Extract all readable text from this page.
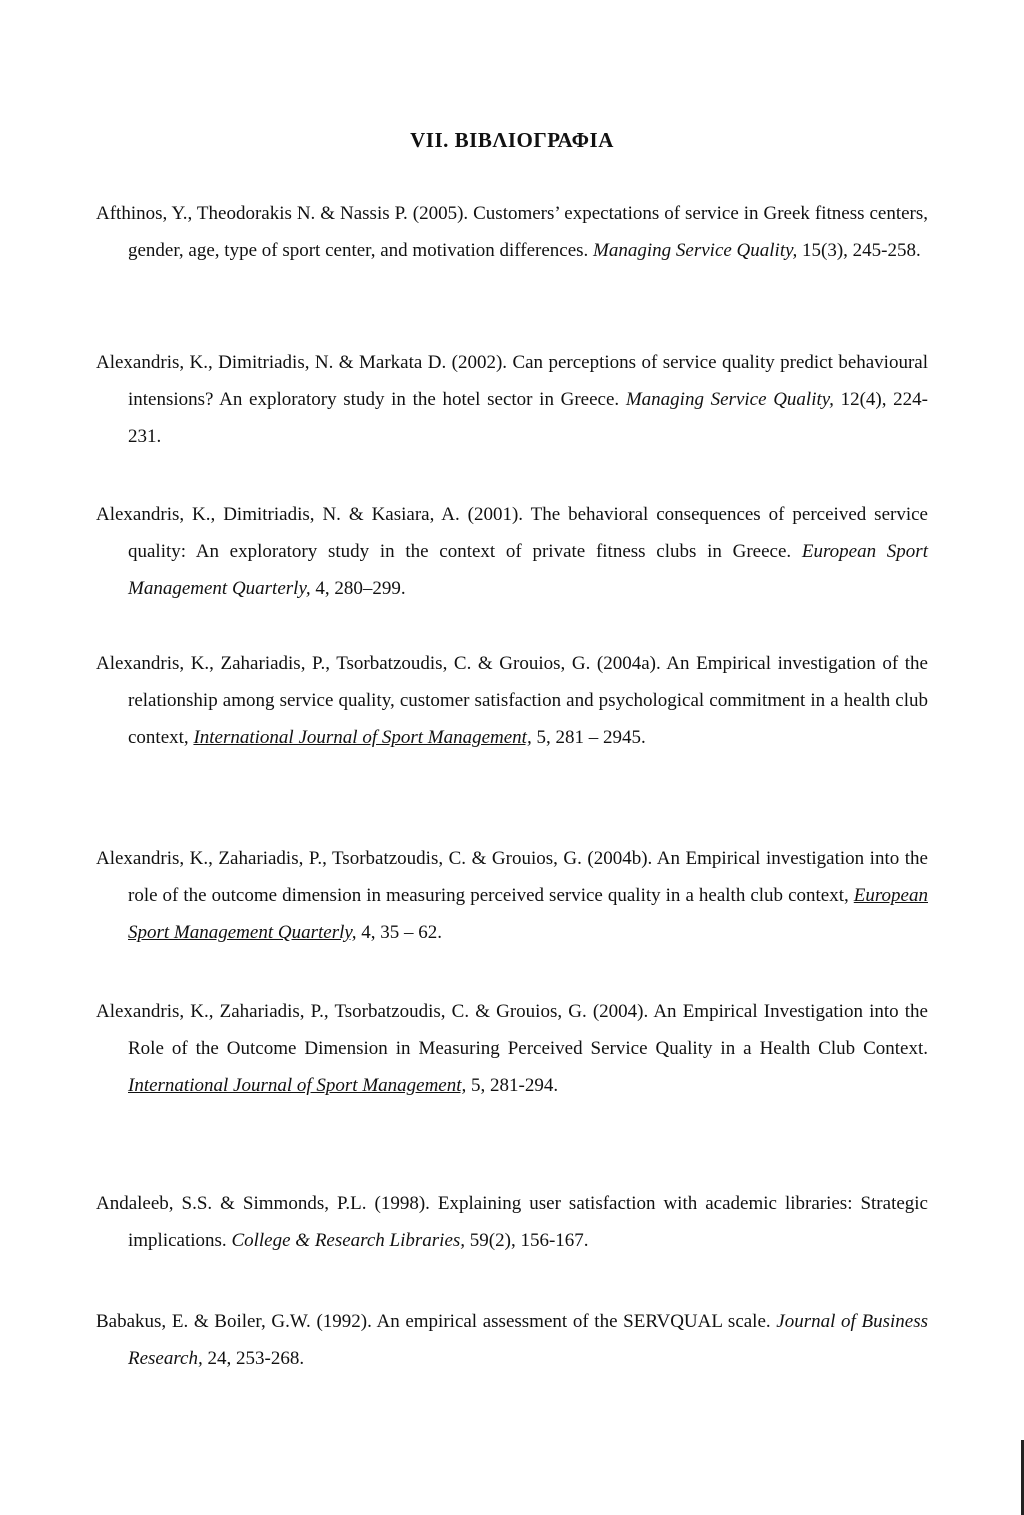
VII. ΒΙΒΛΙΟΓΡΑΦΙΑ

Afthinos, Y., Theodorakis N. & Nassis P. (2005). Customers’ expectations of service in Greek fitness centers, gender, age, type of sport center, and motivation differences. Managing Service Quality, 15(3), 245-258.

Alexandris, K., Dimitriadis, N. & Markata D. (2002). Can perceptions of service quality predict behavioural intensions? An exploratory study in the hotel sector in Greece. Managing Service Quality, 12(4), 224-231.

Alexandris, K., Dimitriadis, N. & Kasiara, A. (2001). The behavioral consequences of perceived service quality: An exploratory study in the context of private fitness clubs in Greece. European Sport Management Quarterly, 4, 280–299.

Alexandris, K., Zahariadis, P., Tsorbatzoudis, C. & Grouios, G. (2004a). An Empirical investigation of the relationship among service quality, customer satisfaction and psychological commitment in a health club context, International Journal of Sport Management, 5, 281 – 2945.

Alexandris, K., Zahariadis, P., Tsorbatzoudis, C. & Grouios, G. (2004b). An Empirical investigation into the role of the outcome dimension in measuring perceived service quality in a health club context, European Sport Management Quarterly, 4, 35 – 62.

Alexandris, K., Zahariadis, P., Tsorbatzoudis, C. & Grouios, G. (2004). An Empirical Investigation into the Role of the Outcome Dimension in Measuring Perceived Service Quality in a Health Club Context. International Journal of Sport Management, 5, 281-294.

Andaleeb, S.S. & Simmonds, P.L. (1998). Explaining user satisfaction with academic libraries: Strategic implications. College & Research Libraries, 59(2), 156-167.

Babakus, E. & Boiler, G.W. (1992). An empirical assessment of the SERVQUAL scale. Journal of Business Research, 24, 253-268.
